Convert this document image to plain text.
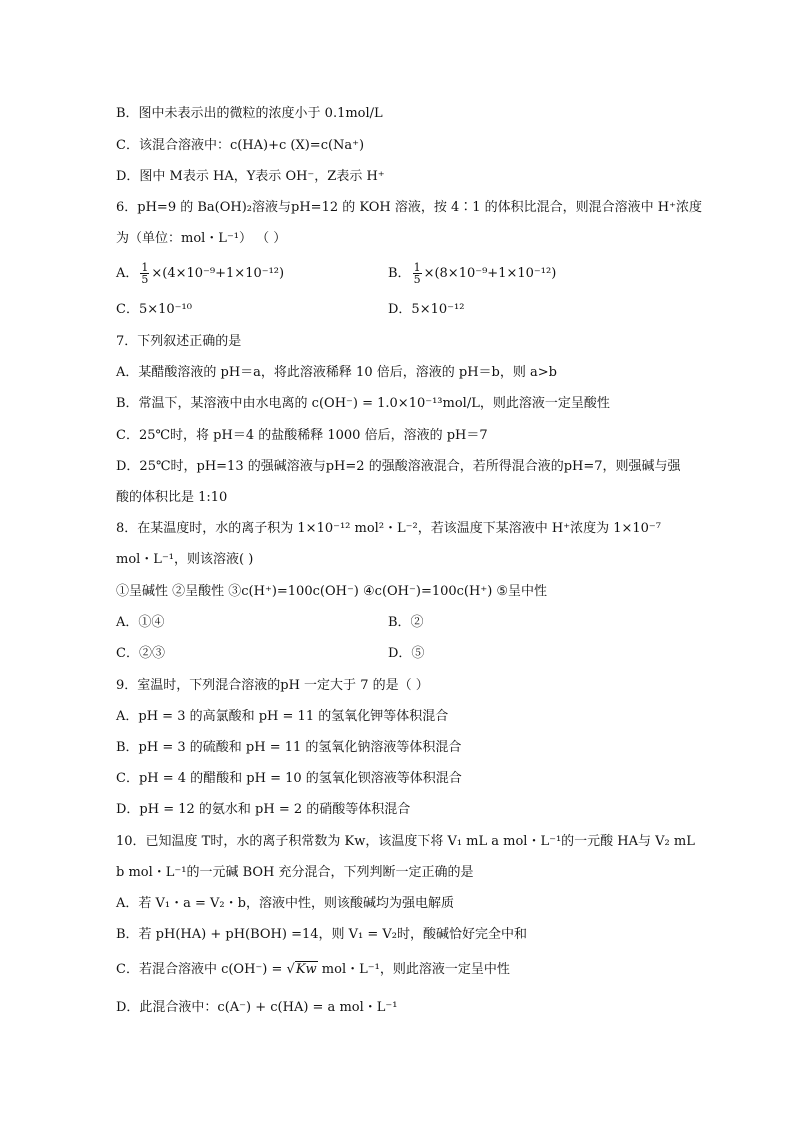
B．图中未表示出的微粒的浓度小于 0.1mol/L
C．该混合溶液中：c(HA)+c (X)=c(Na⁺)
D．图中 M表示 HA，Y表示 OH⁻，Z表示 H⁺
6．pH=9 的 Ba(OH)₂溶液与pH=12 的 KOH 溶液，按 4∶1 的体积比混合，则混合溶液中 H⁺浓度
为（单位：mol・L⁻¹） （ ）
A． $\frac{1}{5} \times(4\times 10^{-9}+1\times 10^{-12})$	B． $\frac{1}{5} \times(8\times 10^{-9}+1\times 10^{-12})$
C．5×10⁻¹⁰	D．5×10⁻¹²
7．下列叙述正确的是
A．某醋酸溶液的 pH＝a，将此溶液稀释 10 倍后，溶液的 pH＝b，则 a>b
B．常温下，某溶液中由水电离的 c(OH⁻) = 1.0×10⁻¹³mol/L，则此溶液一定呈酸性
C．25℃时，将 pH＝4 的盐酸稀释 1000 倍后，溶液的 pH＝7
D．25℃时，pH=13 的强碱溶液与pH=2 的强酸溶液混合，若所得混合液的pH=7，则强碱与强
酸的体积比是 1:10
8．在某温度时，水的离子积为 1×10⁻¹² mol²・L⁻²，若该温度下某溶液中 H⁺浓度为 1×10⁻⁷
mol・L⁻¹，则该溶液( )
①呈碱性 ②呈酸性 ③c(H⁺)=100c(OH⁻) ④c(OH⁻)=100c(H⁺) ⑤呈中性
A．①④	B．②
C．②③	D．⑤
9．室温时，下列混合溶液的pH 一定大于 7 的是（ ）
A．pH = 3 的高氯酸和 pH = 11 的氢氧化钾等体积混合
B．pH = 3 的硫酸和 pH = 11 的氢氧化钠溶液等体积混合
C．pH = 4 的醋酸和 pH = 10 的氢氧化钡溶液等体积混合
D．pH = 12 的氨水和 pH = 2 的硝酸等体积混合
10．已知温度 T时，水的离子积常数为 Kw，该温度下将 V₁ mL a mol・L⁻¹的一元酸 HA与 V₂ mL
b mol・L⁻¹的一元碱 BOH 充分混合，下列判断一定正确的是
A．若 V₁・a = V₂・b，溶液中性，则该酸碱均为强电解质
B．若 pH(HA) + pH(BOH) =14，则 V₁ = V₂时，酸碱恰好完全中和
C．若混合溶液中 c(OH⁻) = √Kw mol・L⁻¹，则此溶液一定呈中性
D．此混合液中：c(A⁻) + c(HA) = a mol・L⁻¹
